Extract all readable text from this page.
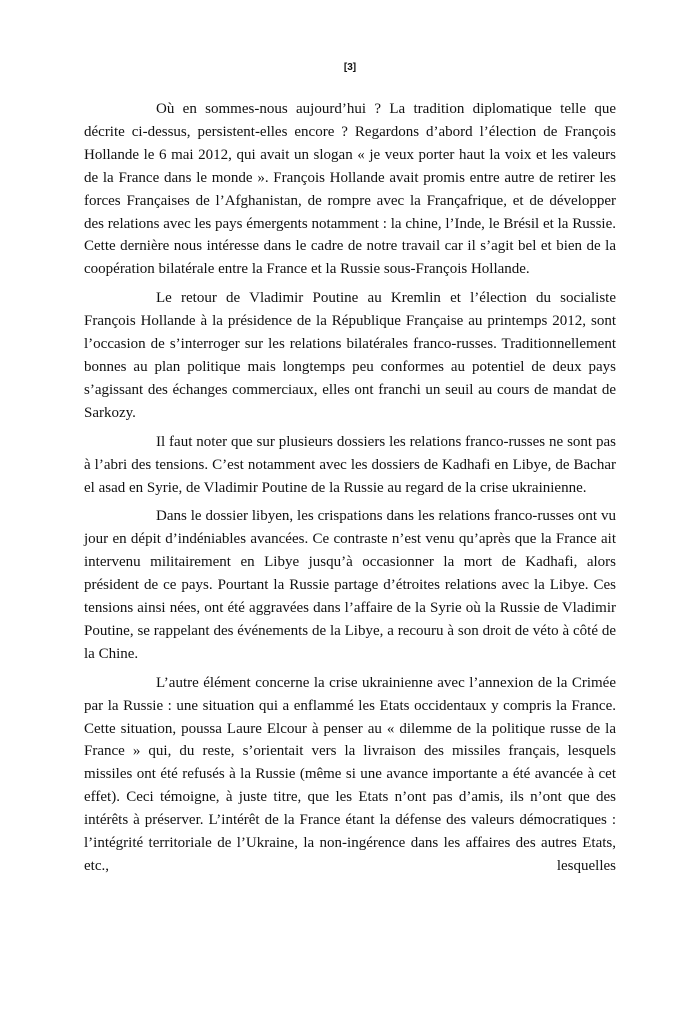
[3]

Où en sommes-nous aujourd’hui ? La tradition diplomatique telle que décrite ci-dessus, persistent-elles encore ? Regardons d’abord l’élection de François Hollande le 6 mai 2012, qui avait un slogan « je veux porter haut la voix et les valeurs de la France dans le monde ». François Hollande avait promis entre autre de retirer les forces Françaises de l’Afghanistan, de rompre avec la Françafrique, et de développer des relations avec les pays émergents notamment : la chine, l’Inde, le Brésil et la Russie. Cette dernière nous intéresse dans le cadre de notre travail car il s’agit bel et bien de la coopération bilatérale entre la France et la Russie sous-François Hollande.

Le retour de Vladimir Poutine au Kremlin et l’élection du socialiste François Hollande à la présidence de la République Française au printemps 2012, sont l’occasion de s’interroger sur les relations bilatérales franco-russes. Traditionnellement bonnes au plan politique mais longtemps peu conformes au potentiel de deux pays s’agissant des échanges commerciaux, elles ont franchi un seuil au cours de mandat de Sarkozy.

Il faut noter que sur plusieurs dossiers les relations franco-russes ne sont pas à l’abri des tensions. C’est notamment avec les dossiers de Kadhafi en Libye, de Bachar el asad en Syrie, de Vladimir Poutine de la Russie au regard de la crise ukrainienne.

Dans le dossier libyen, les crispations dans les relations franco-russes ont vu jour en dépit d’indéniables avancées. Ce contraste n’est venu qu’après que la France ait intervenu militairement en Libye jusqu’à occasionner la mort de Kadhafi, alors président de ce pays. Pourtant la Russie partage d’étroites relations avec la Libye. Ces tensions ainsi nées, ont été aggravées dans l’affaire de la Syrie où la Russie de Vladimir Poutine, se rappelant des événements de la Libye, a recouru à son droit de véto à côté de la Chine.

L’autre élément concerne la crise ukrainienne avec l’annexion de la Crimée par la Russie : une situation qui a enflammé les Etats occidentaux y compris la France. Cette situation, poussa Laure Elcour à penser au « dilemme de la politique russe de la France » qui, du reste, s’orientait vers la livraison des missiles français, lesquels missiles ont été refusés à la Russie (même si une avance importante a été avancée à cet effet). Ceci témoigne, à juste titre, que les Etats n’ont pas d’amis, ils n’ont que des intérêts à préserver. L’intérêt de la France étant la défense des valeurs démocratiques : l’intégrité territoriale de l’Ukraine, la non-ingérence dans les affaires des autres Etats, etc., lesquelles
